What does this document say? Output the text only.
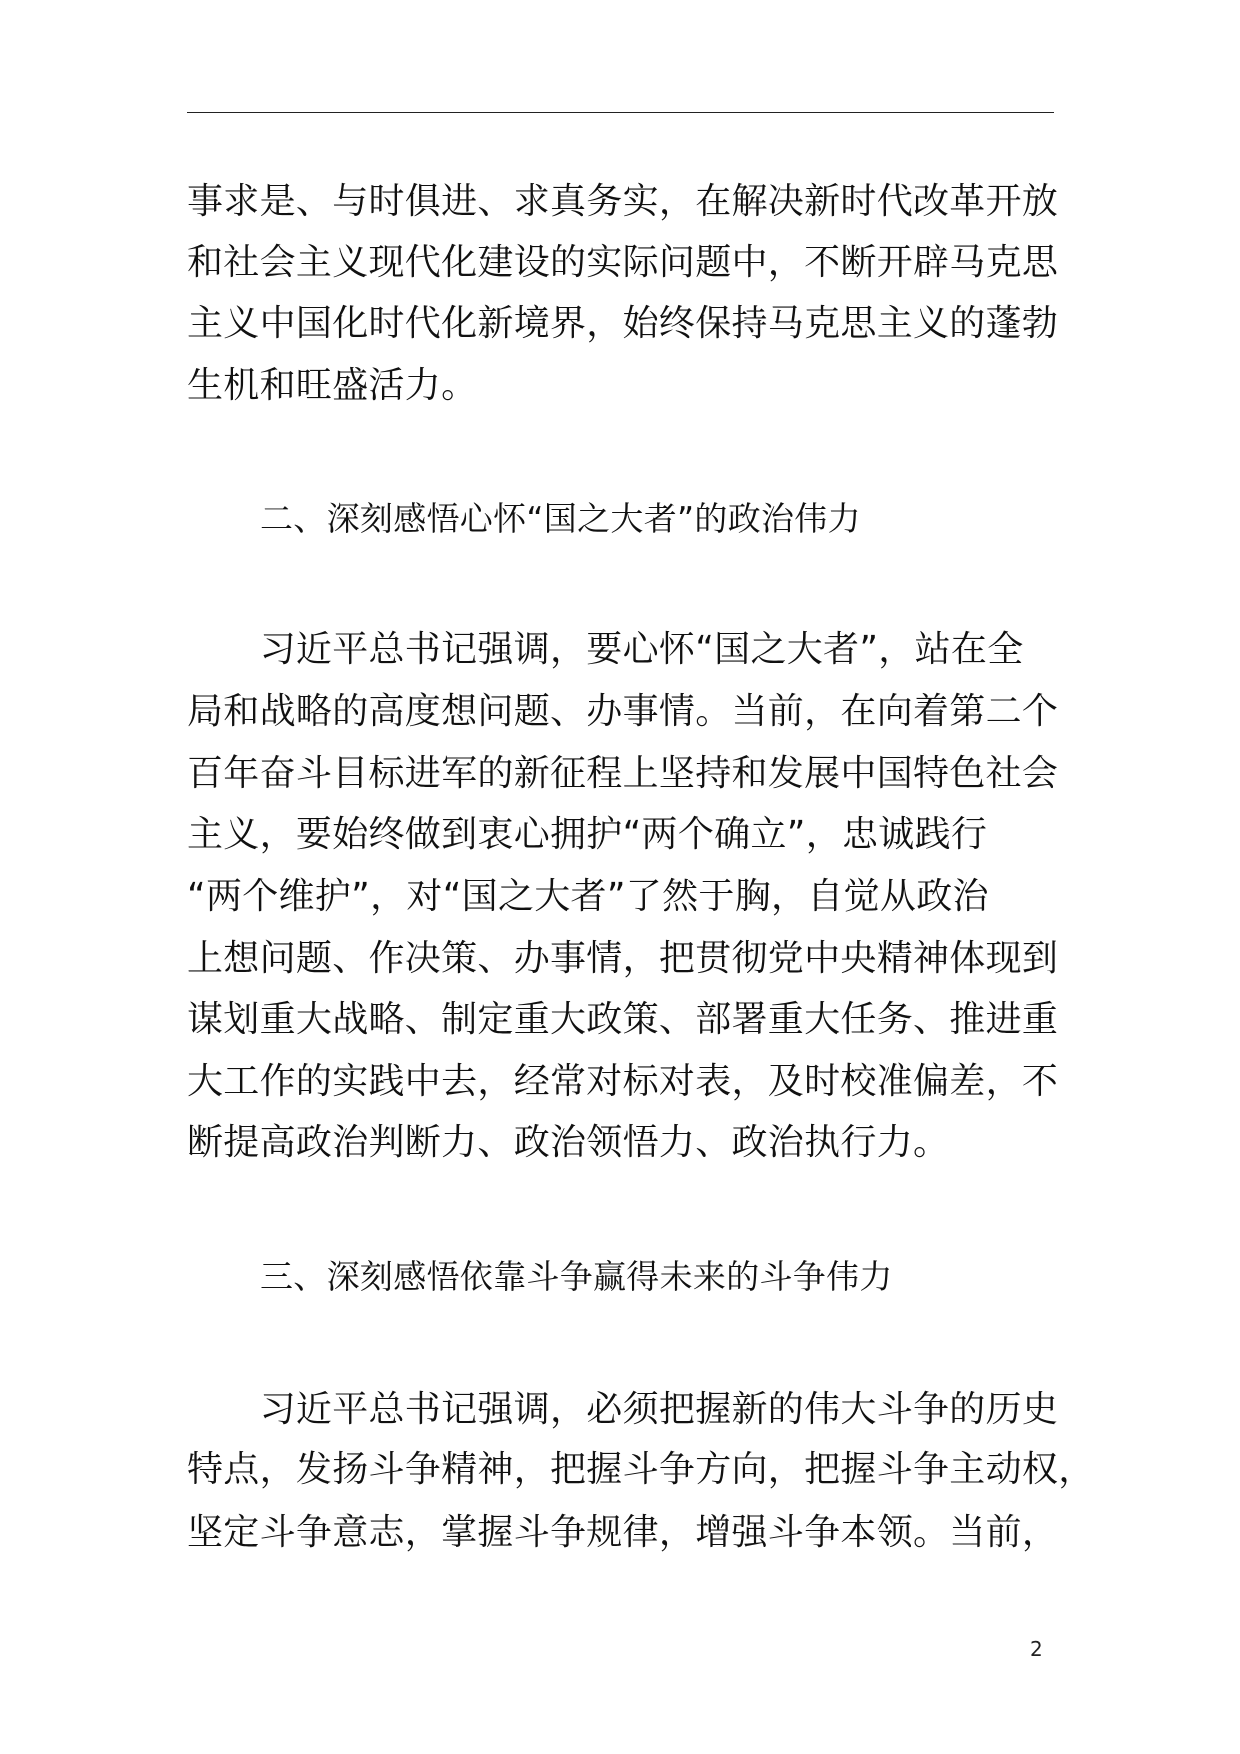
事求是、与时俱进、求真务实，在解决新时代改革开放
和社会主义现代化建设的实际问题中，不断开辟马克思
主义中国化时代化新境界，始终保持马克思主义的蓬勃
生机和旺盛活力。
二、深刻感悟心怀“国之大者”的政治伟力
　　习近平总书记强调，要心怀“国之大者”，站在全
局和战略的高度想问题、办事情。当前，在向着第二个
百年奋斗目标进军的新征程上坚持和发展中国特色社会
主义，要始终做到衷心拥护“两个确立”，忠诚践行
“两个维护”，对“国之大者”了然于胸，自觉从政治
上想问题、作决策、办事情，把贯彻党中央精神体现到
谋划重大战略、制定重大政策、部署重大任务、推进重
大工作的实践中去，经常对标对表，及时校准偏差，不
断提高政治判断力、政治领悟力、政治执行力。
三、深刻感悟依靠斗争赢得未来的斗争伟力
　　习近平总书记强调，必须把握新的伟大斗争的历史
特点，发扬斗争精神，把握斗争方向，把握斗争主动权，
坚定斗争意志，掌握斗争规律，增强斗争本领。当前，
2
